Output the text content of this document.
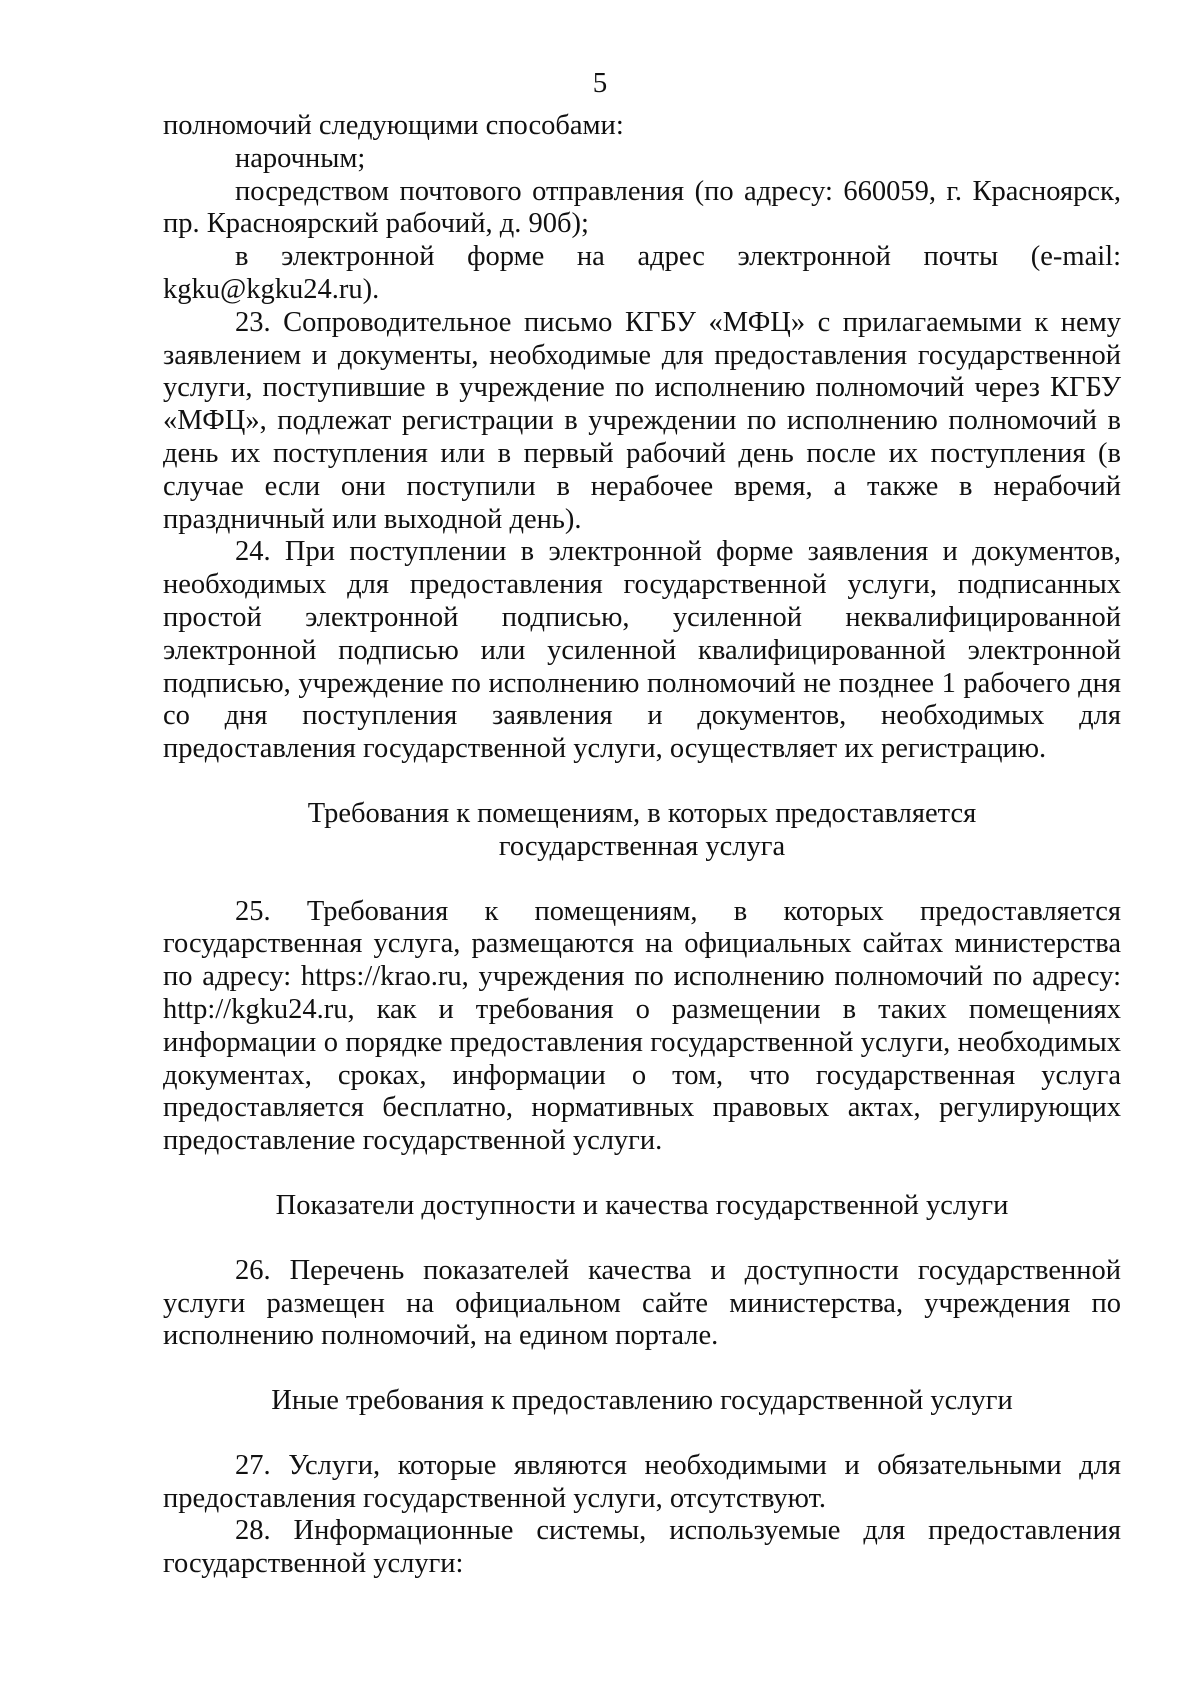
5

полномочий следующими способами:

нарочным;

посредством почтового отправления (по адресу: 660059, г. Красноярск, пр. Красноярский рабочий, д. 90б);

в электронной форме на адрес электронной почты (e-mail: kgku@kgku24.ru).

23. Сопроводительное письмо КГБУ «МФЦ» с прилагаемыми к нему заявлением и документы, необходимые для предоставления государственной услуги, поступившие в учреждение по исполнению полномочий через КГБУ «МФЦ», подлежат регистрации в учреждении по исполнению полномочий в день их поступления или в первый рабочий день после их поступления (в случае если они поступили в нерабочее время, а также в нерабочий праздничный или выходной день).

24. При поступлении в электронной форме заявления и документов, необходимых для предоставления государственной услуги, подписанных простой электронной подписью, усиленной неквалифицированной электронной подписью или усиленной квалифицированной электронной подписью, учреждение по исполнению полномочий не позднее 1 рабочего дня со дня поступления заявления и документов, необходимых для предоставления государственной услуги, осуществляет их регистрацию.

Требования к помещениям, в которых предоставляется

государственная услуга

25. Требования к помещениям, в которых предоставляется государственная услуга, размещаются на официальных сайтах министерства по адресу: https://krao.ru, учреждения по исполнению полномочий по адресу: http://kgku24.ru, как и требования о размещении в таких помещениях информации о порядке предоставления государственной услуги, необходимых документах, сроках, информации о том, что государственная услуга предоставляется бесплатно, нормативных правовых актах, регулирующих предоставление государственной услуги.

Показатели доступности и качества государственной услуги

26. Перечень показателей качества и доступности государственной услуги размещен на официальном сайте министерства, учреждения по исполнению полномочий, на едином портале.

Иные требования к предоставлению государственной услуги

27. Услуги, которые являются необходимыми и обязательными для предоставления государственной услуги, отсутствуют.

28. Информационные системы, используемые для предоставления государственной услуги:
